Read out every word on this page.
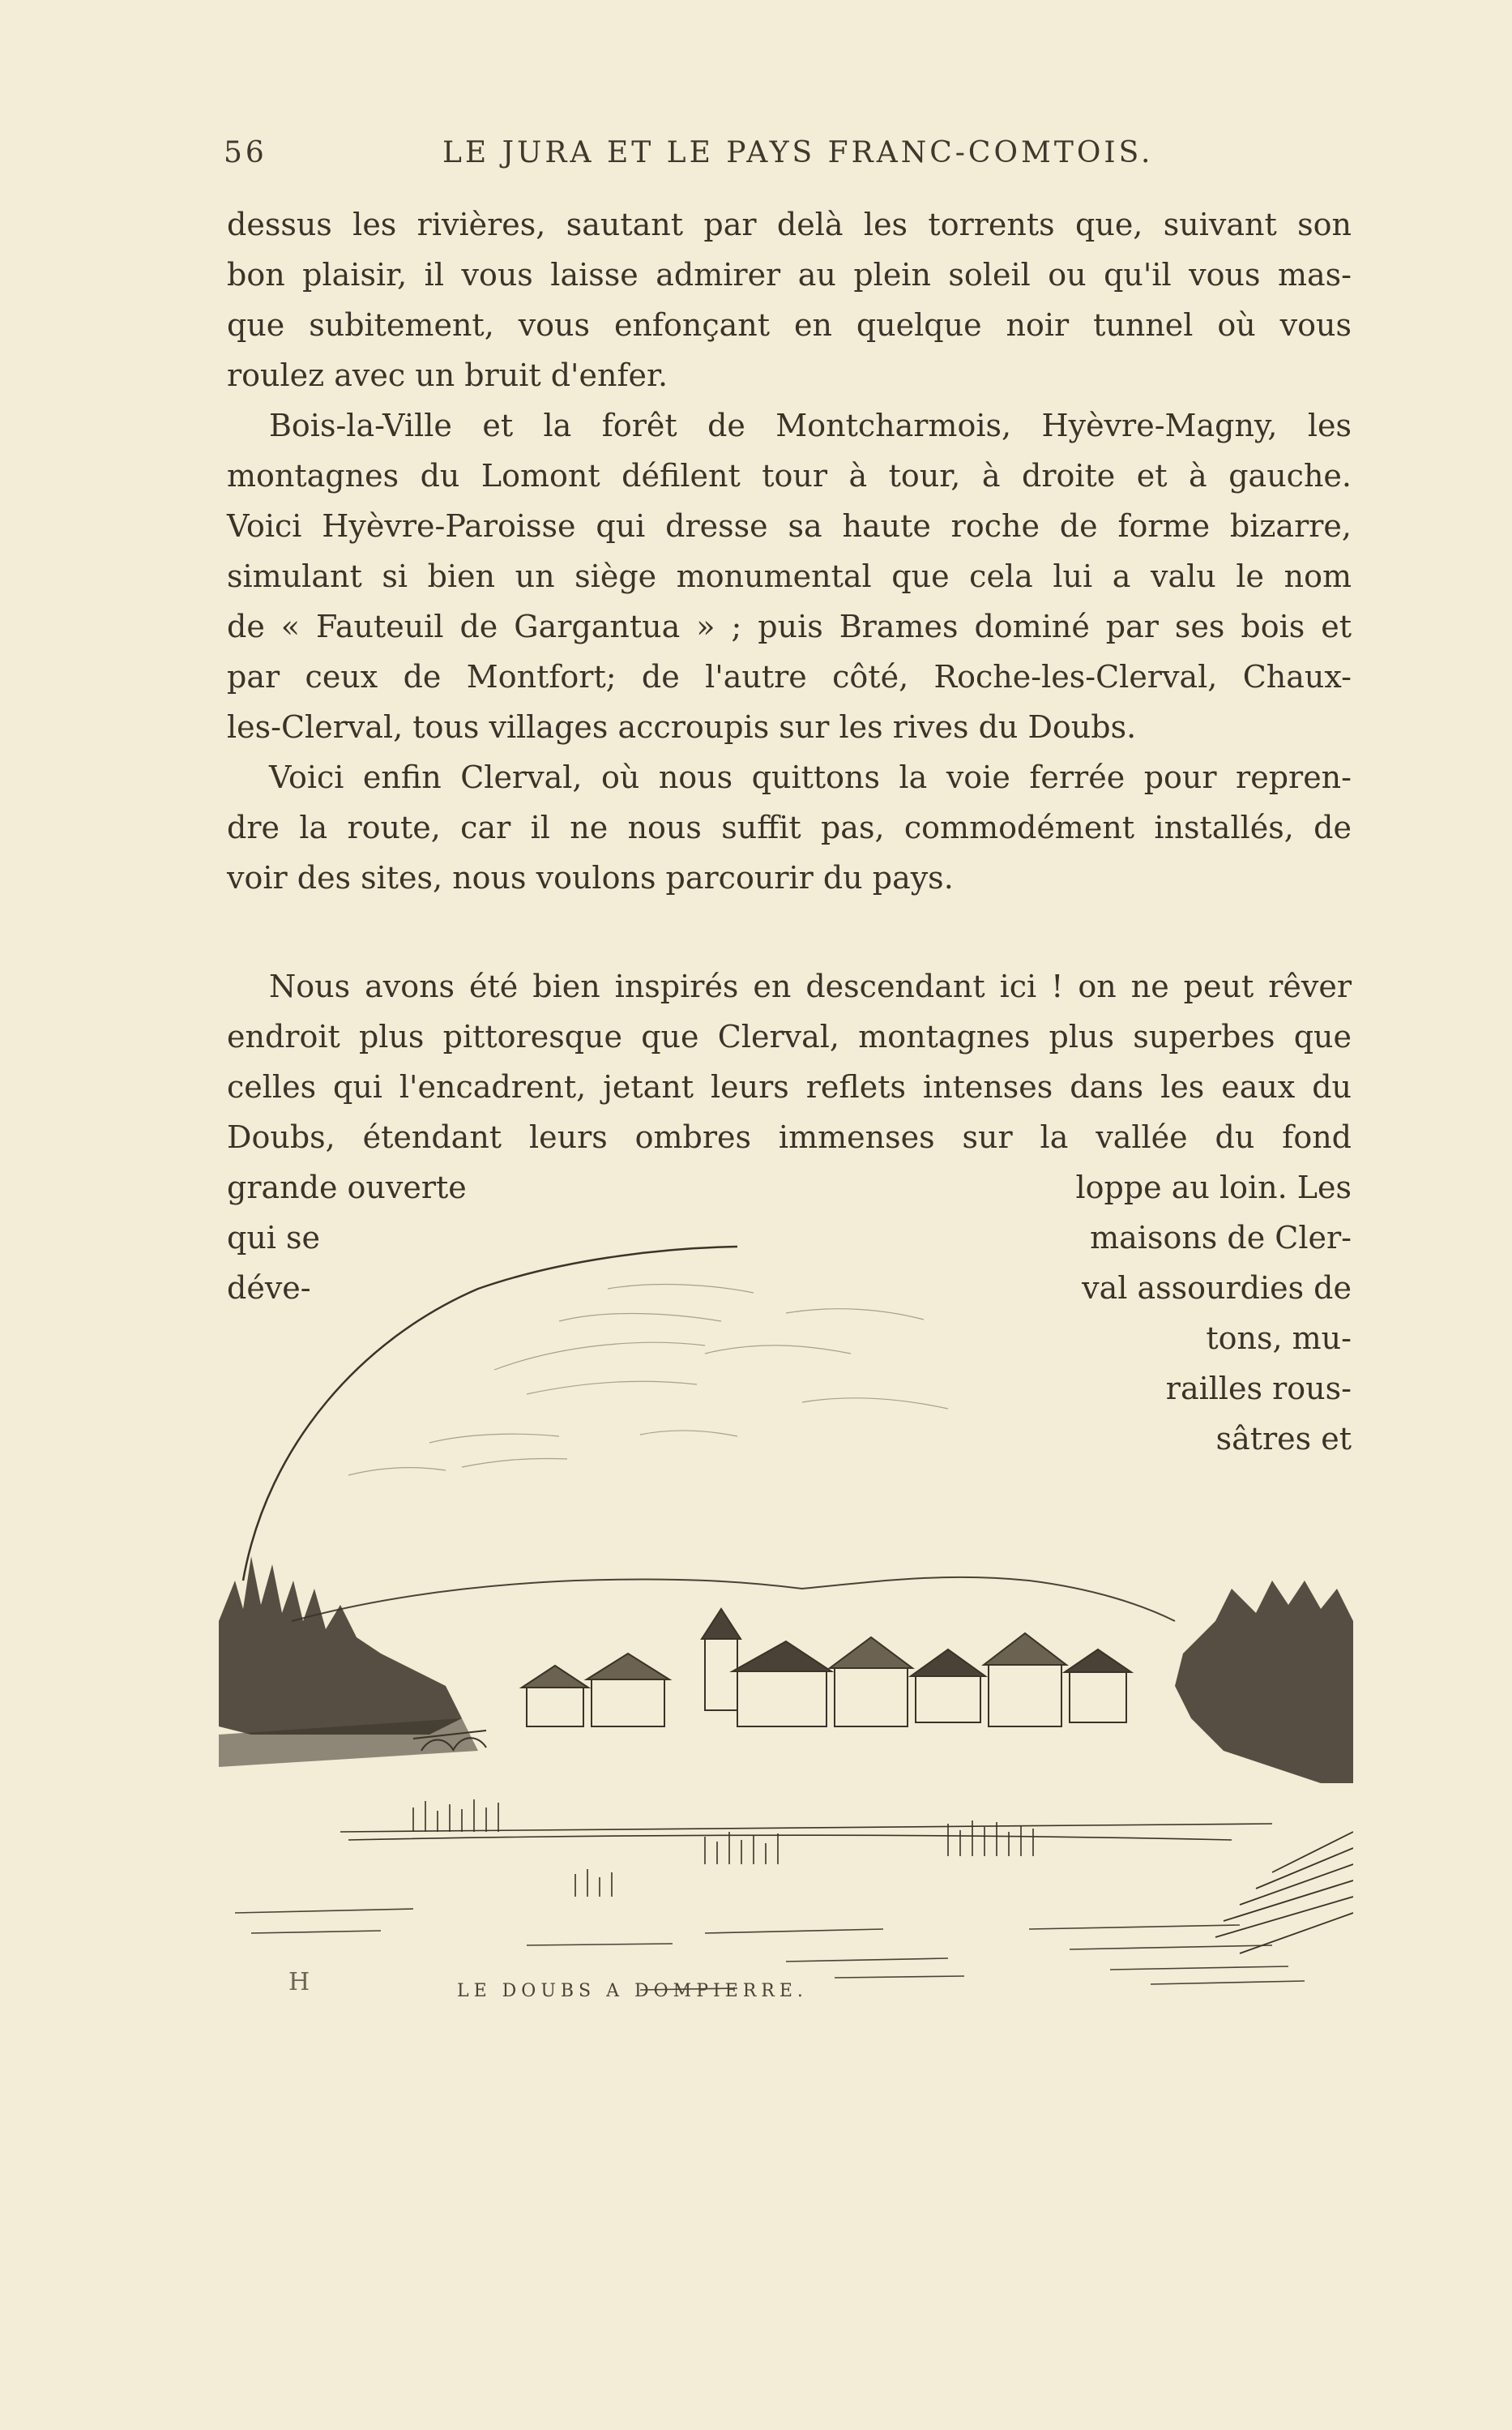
56	LE JURA ET LE PAYS FRANC-COMTOIS.
dessus les rivières, sautant par delà les torrents que, suivant son
bon plaisir, il vous laisse admirer au plein soleil ou qu'il vous mas-
que subitement, vous enfonçant en quelque noir tunnel où vous
roulez avec un bruit d'enfer.
Bois-la-Ville et la forêt de Montcharmois, Hyèvre-Magny, les
montagnes du Lomont défilent tour à tour, à droite et à gauche.
Voici Hyèvre-Paroisse qui dresse sa haute roche de forme bizarre,
simulant si bien un siège monumental que cela lui a valu le nom
de « Fauteuil de Gargantua » ; puis Brames dominé par ses bois et
par ceux de Montfort; de l'autre côté, Roche-les-Clerval, Chaux-
les-Clerval, tous villages accroupis sur les rives du Doubs.
Voici enfin Clerval, où nous quittons la voie ferrée pour repren-
dre la route, car il ne nous suffit pas, commodément installés, de
voir des sites, nous voulons parcourir du pays.
Nous avons été bien inspirés en descendant ici ! on ne peut rêver
endroit plus pittoresque que Clerval, montagnes plus superbes que
celles qui l'encadrent, jetant leurs reflets intenses dans les eaux du
Doubs, étendant leurs ombres immenses sur la vallée du fond
grande ouverte
qui se
déve-
loppe au loin. Les
maisons de Cler-
val assourdies de
tons, mu-
railles rous-
sâtres et
H	LE DOUBS A DOMPIERRE.
